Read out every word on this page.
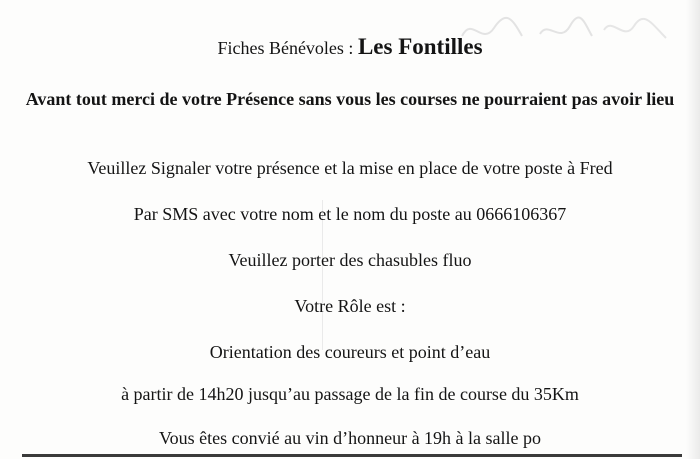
Fiches Bénévoles : Les Fontilles
Avant tout merci de votre Présence sans vous les courses ne pourraient pas avoir lieu
Veuillez Signaler votre présence et la mise en place de votre poste à Fred
Par SMS avec votre nom et le nom du poste au 0666106367
Veuillez porter des chasubles fluo
Votre Rôle est :
Orientation des coureurs et point d’eau
à partir de 14h20 jusqu’au passage de la fin de course du 35Km
Vous êtes convié au vin d’honneur à 19h à la salle po
